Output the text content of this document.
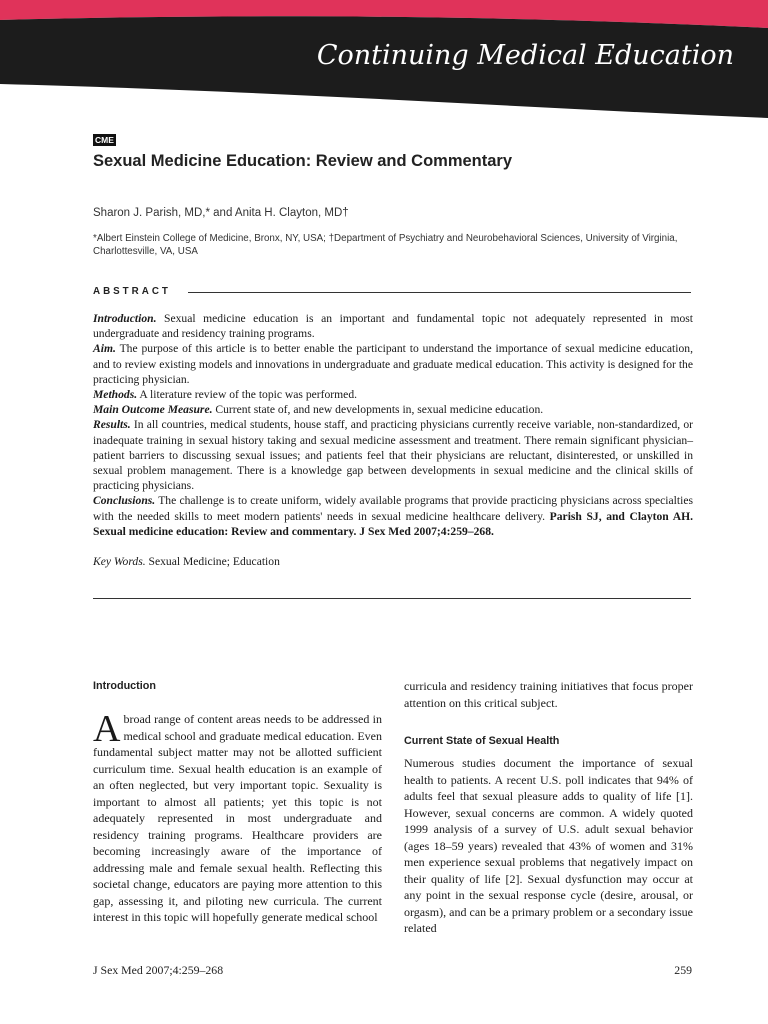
Continuing Medical Education
CME
Sexual Medicine Education: Review and Commentary
Sharon J. Parish, MD,* and Anita H. Clayton, MD†
*Albert Einstein College of Medicine, Bronx, NY, USA; †Department of Psychiatry and Neurobehavioral Sciences, University of Virginia, Charlottesville, VA, USA
ABSTRACT

Introduction. Sexual medicine education is an important and fundamental topic not adequately represented in most undergraduate and residency training programs.

Aim. The purpose of this article is to better enable the participant to understand the importance of sexual medicine education, and to review existing models and innovations in undergraduate and graduate medical education. This activity is designed for the practicing physician.

Methods. A literature review of the topic was performed.

Main Outcome Measure. Current state of, and new developments in, sexual medicine education.

Results. In all countries, medical students, house staff, and practicing physicians currently receive variable, non-standardized, or inadequate training in sexual history taking and sexual medicine assessment and treatment. There remain significant physician–patient barriers to discussing sexual issues; and patients feel that their physicians are reluctant, disinterested, or unskilled in sexual problem management. There is a knowledge gap between developments in sexual medicine and the clinical skills of practicing physicians.

Conclusions. The challenge is to create uniform, widely available programs that provide practicing physicians across specialties with the needed skills to meet modern patients' needs in sexual medicine healthcare delivery. Parish SJ, and Clayton AH. Sexual medicine education: Review and commentary. J Sex Med 2007;4:259–268.

Key Words. Sexual Medicine; Education
Introduction

Abroad range of content areas needs to be addressed in medical school and graduate medical education. Even fundamental subject matter may not be allotted sufficient curriculum time. Sexual health education is an example of an often neglected, but very important topic. Sexuality is important to almost all patients; yet this topic is not adequately represented in most undergraduate and residency training programs. Healthcare providers are becoming increasingly aware of the importance of addressing male and female sexual health. Reflecting this societal change, educators are paying more attention to this gap, assessing it, and piloting new curricula. The current interest in this topic will hopefully generate medical school

curricula and residency training initiatives that focus proper attention on this critical subject.

Current State of Sexual Health

Numerous studies document the importance of sexual health to patients. A recent U.S. poll indicates that 94% of adults feel that sexual pleasure adds to quality of life [1]. However, sexual concerns are common. A widely quoted 1999 analysis of a survey of U.S. adult sexual behavior (ages 18–59 years) revealed that 43% of women and 31% men experience sexual problems that negatively impact on their quality of life [2]. Sexual dysfunction may occur at any point in the sexual response cycle (desire, arousal, or orgasm), and can be a primary problem or a secondary issue related

J Sex Med 2007;4:259–268	259
